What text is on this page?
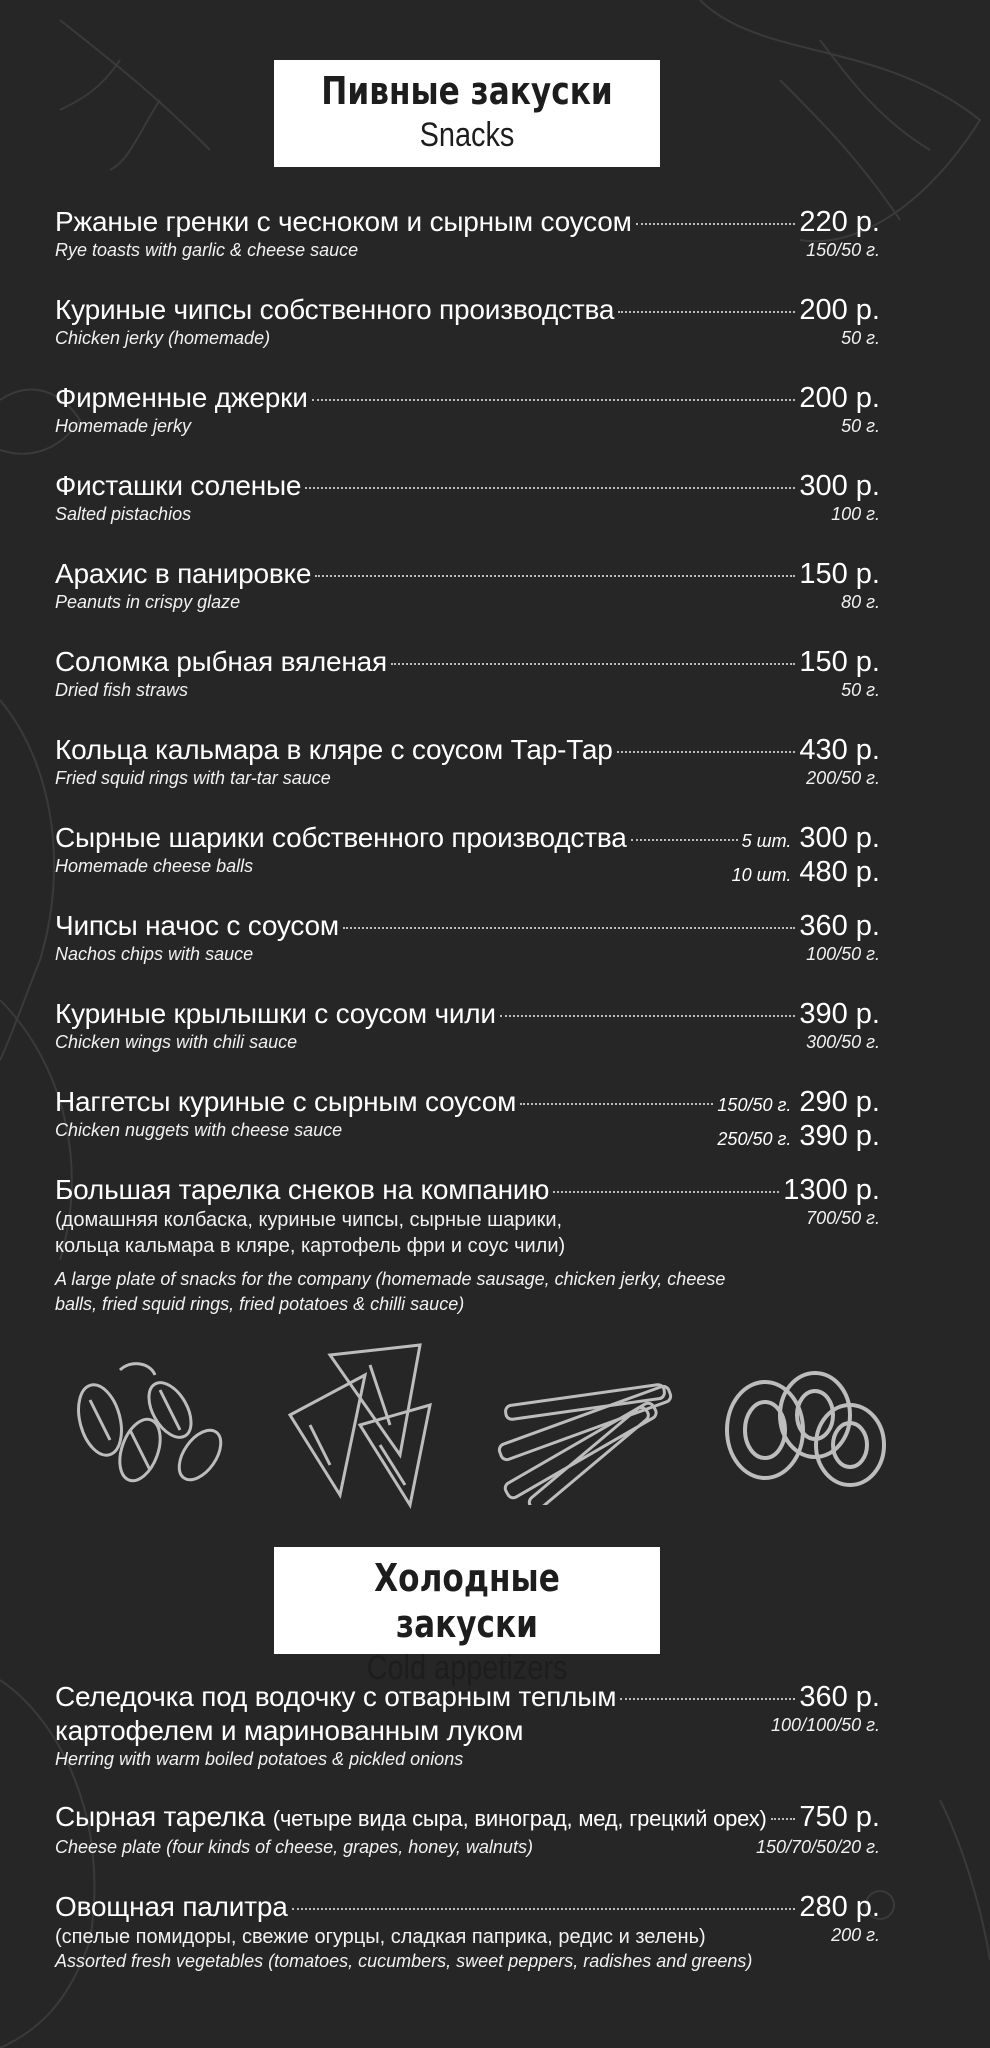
Пивные закуски
Snacks
Ржаные гренки с чесноком и сырным соусом	220 р.
Rye toasts with garlic & cheese sauce	150/50 г.
Куриные чипсы собственного производства	200 р.
Chicken jerky (homemade)	50 г.
Фирменные джерки	200 р.
Homemade jerky	50 г.
Фисташки соленые	300 р.
Salted pistachios	100 г.
Арахис в панировке	150 р.
Peanuts in crispy glaze	80 г.
Соломка рыбная вяленая	150 р.
Dried fish straws	50 г.
Кольца кальмара в кляре с соусом Тар-Тар	430 р.
Fried squid rings with tar-tar sauce	200/50 г.
Сырные шарики собственного производства	5 шт. 300 р.
Homemade cheese balls	10 шт. 480 р.
Чипсы начос с соусом	360 р.
Nachos chips with sauce	100/50 г.
Куриные крылышки с соусом чили	390 р.
Chicken wings with chili sauce	300/50 г.
Наггетсы куриные с сырным соусом	150/50 г. 290 р.
Chicken nuggets with cheese sauce	250/50 г. 390 р.
Большая тарелка снеков на компанию	1300 р.
(домашняя колбаска, куриные чипсы, сырные шарики, кольца кальмара в кляре, картофель фри и соус чили)
700/50 г.
A large plate of snacks for the company (homemade sausage, chicken jerky, cheese balls, fried squid rings, fried potatoes & chilli sauce)
Холодные закуски
Cold appetizers
Селедочка под водочку с отварным теплым	360 р.
картофелем и маринованным луком	100/100/50 г.
Herring with warm boiled potatoes & pickled onions
Сырная тарелка (четыре вида сыра, виноград, мед, грецкий орех) 750 р.
Cheese plate (four kinds of cheese, grapes, honey, walnuts)	150/70/50/20 г.
Овощная палитра	280 р.
(спелые помидоры, свежие огурцы, сладкая паприка, редис и зелень)	200 г.
Assorted fresh vegetables (tomatoes, cucumbers, sweet peppers, radishes and greens)
